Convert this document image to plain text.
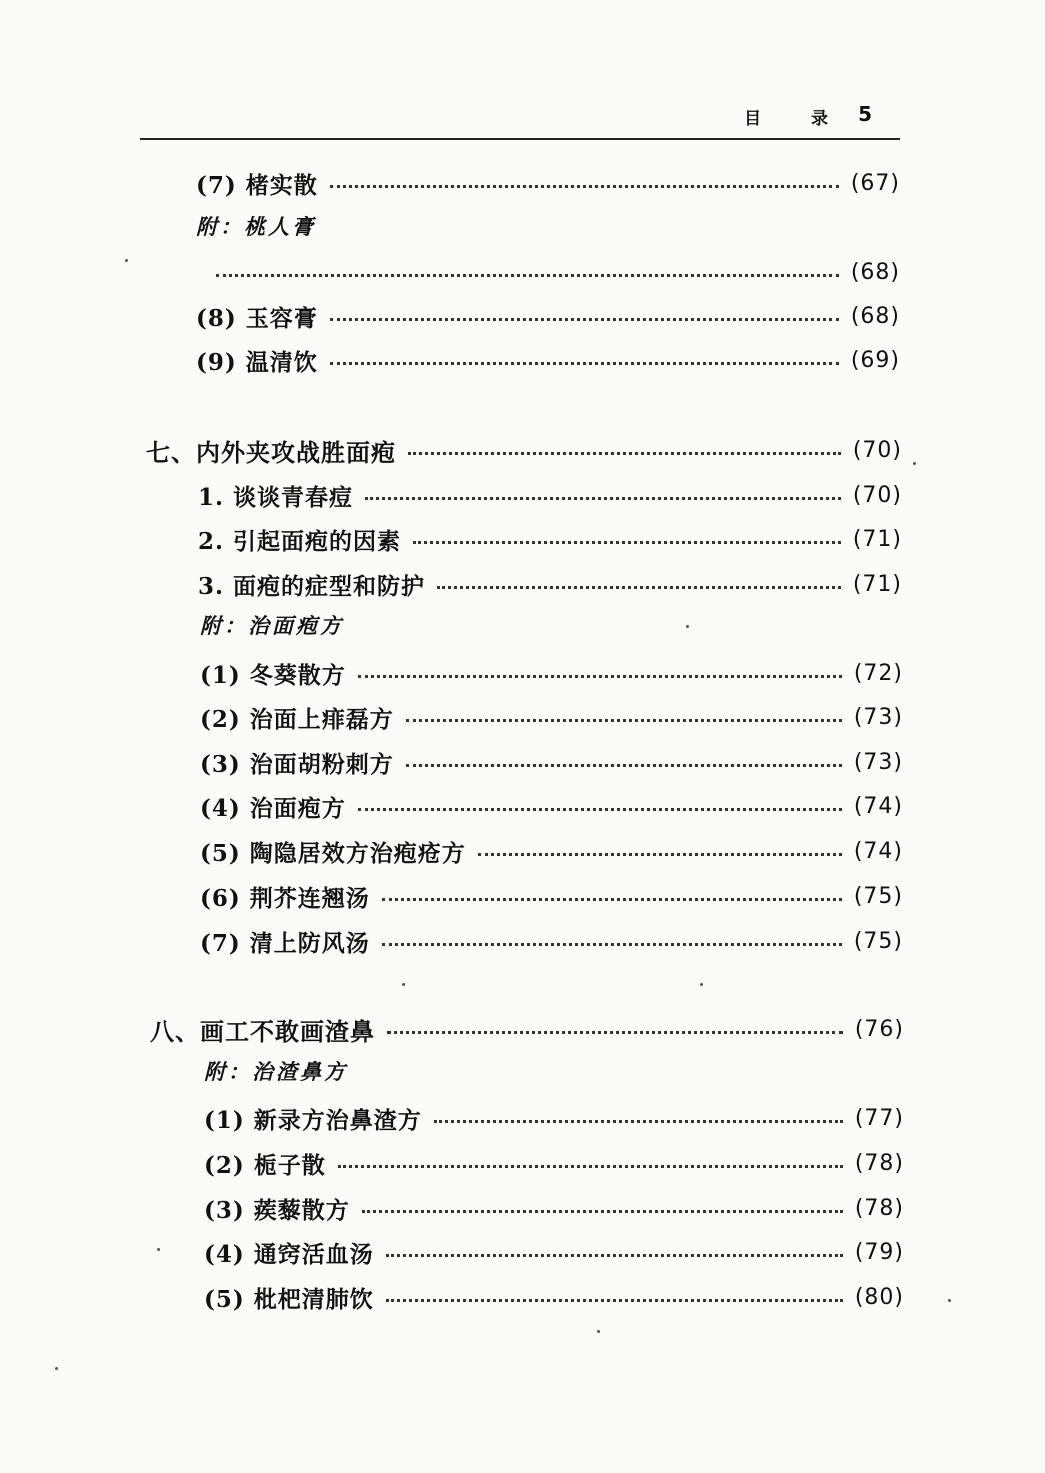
目 录 5
(7) 楮实散	(67)
附：桃人膏
(68)
(8) 玉容膏	(68)
(9) 温清饮	(69)
七、内外夹攻战胜面疱	(70)
1. 谈谈青春痘	(70)
2. 引起面疱的因素	(71)
3. 面疱的症型和防护	(71)
附：治面疱方
(1) 冬葵散方	(72)
(2) 治面上痱磊方	(73)
(3) 治面胡粉刺方	(73)
(4) 治面疱方	(74)
(5) 陶隐居效方治疱疮方	(74)
(6) 荆芥连翘汤	(75)
(7) 清上防风汤	(75)
八、画工不敢画渣鼻	(76)
附：治渣鼻方
(1) 新录方治鼻渣方	(77)
(2) 栀子散	(78)
(3) 蒺藜散方	(78)
(4) 通窍活血汤	(79)
(5) 枇杷清肺饮	(80)
